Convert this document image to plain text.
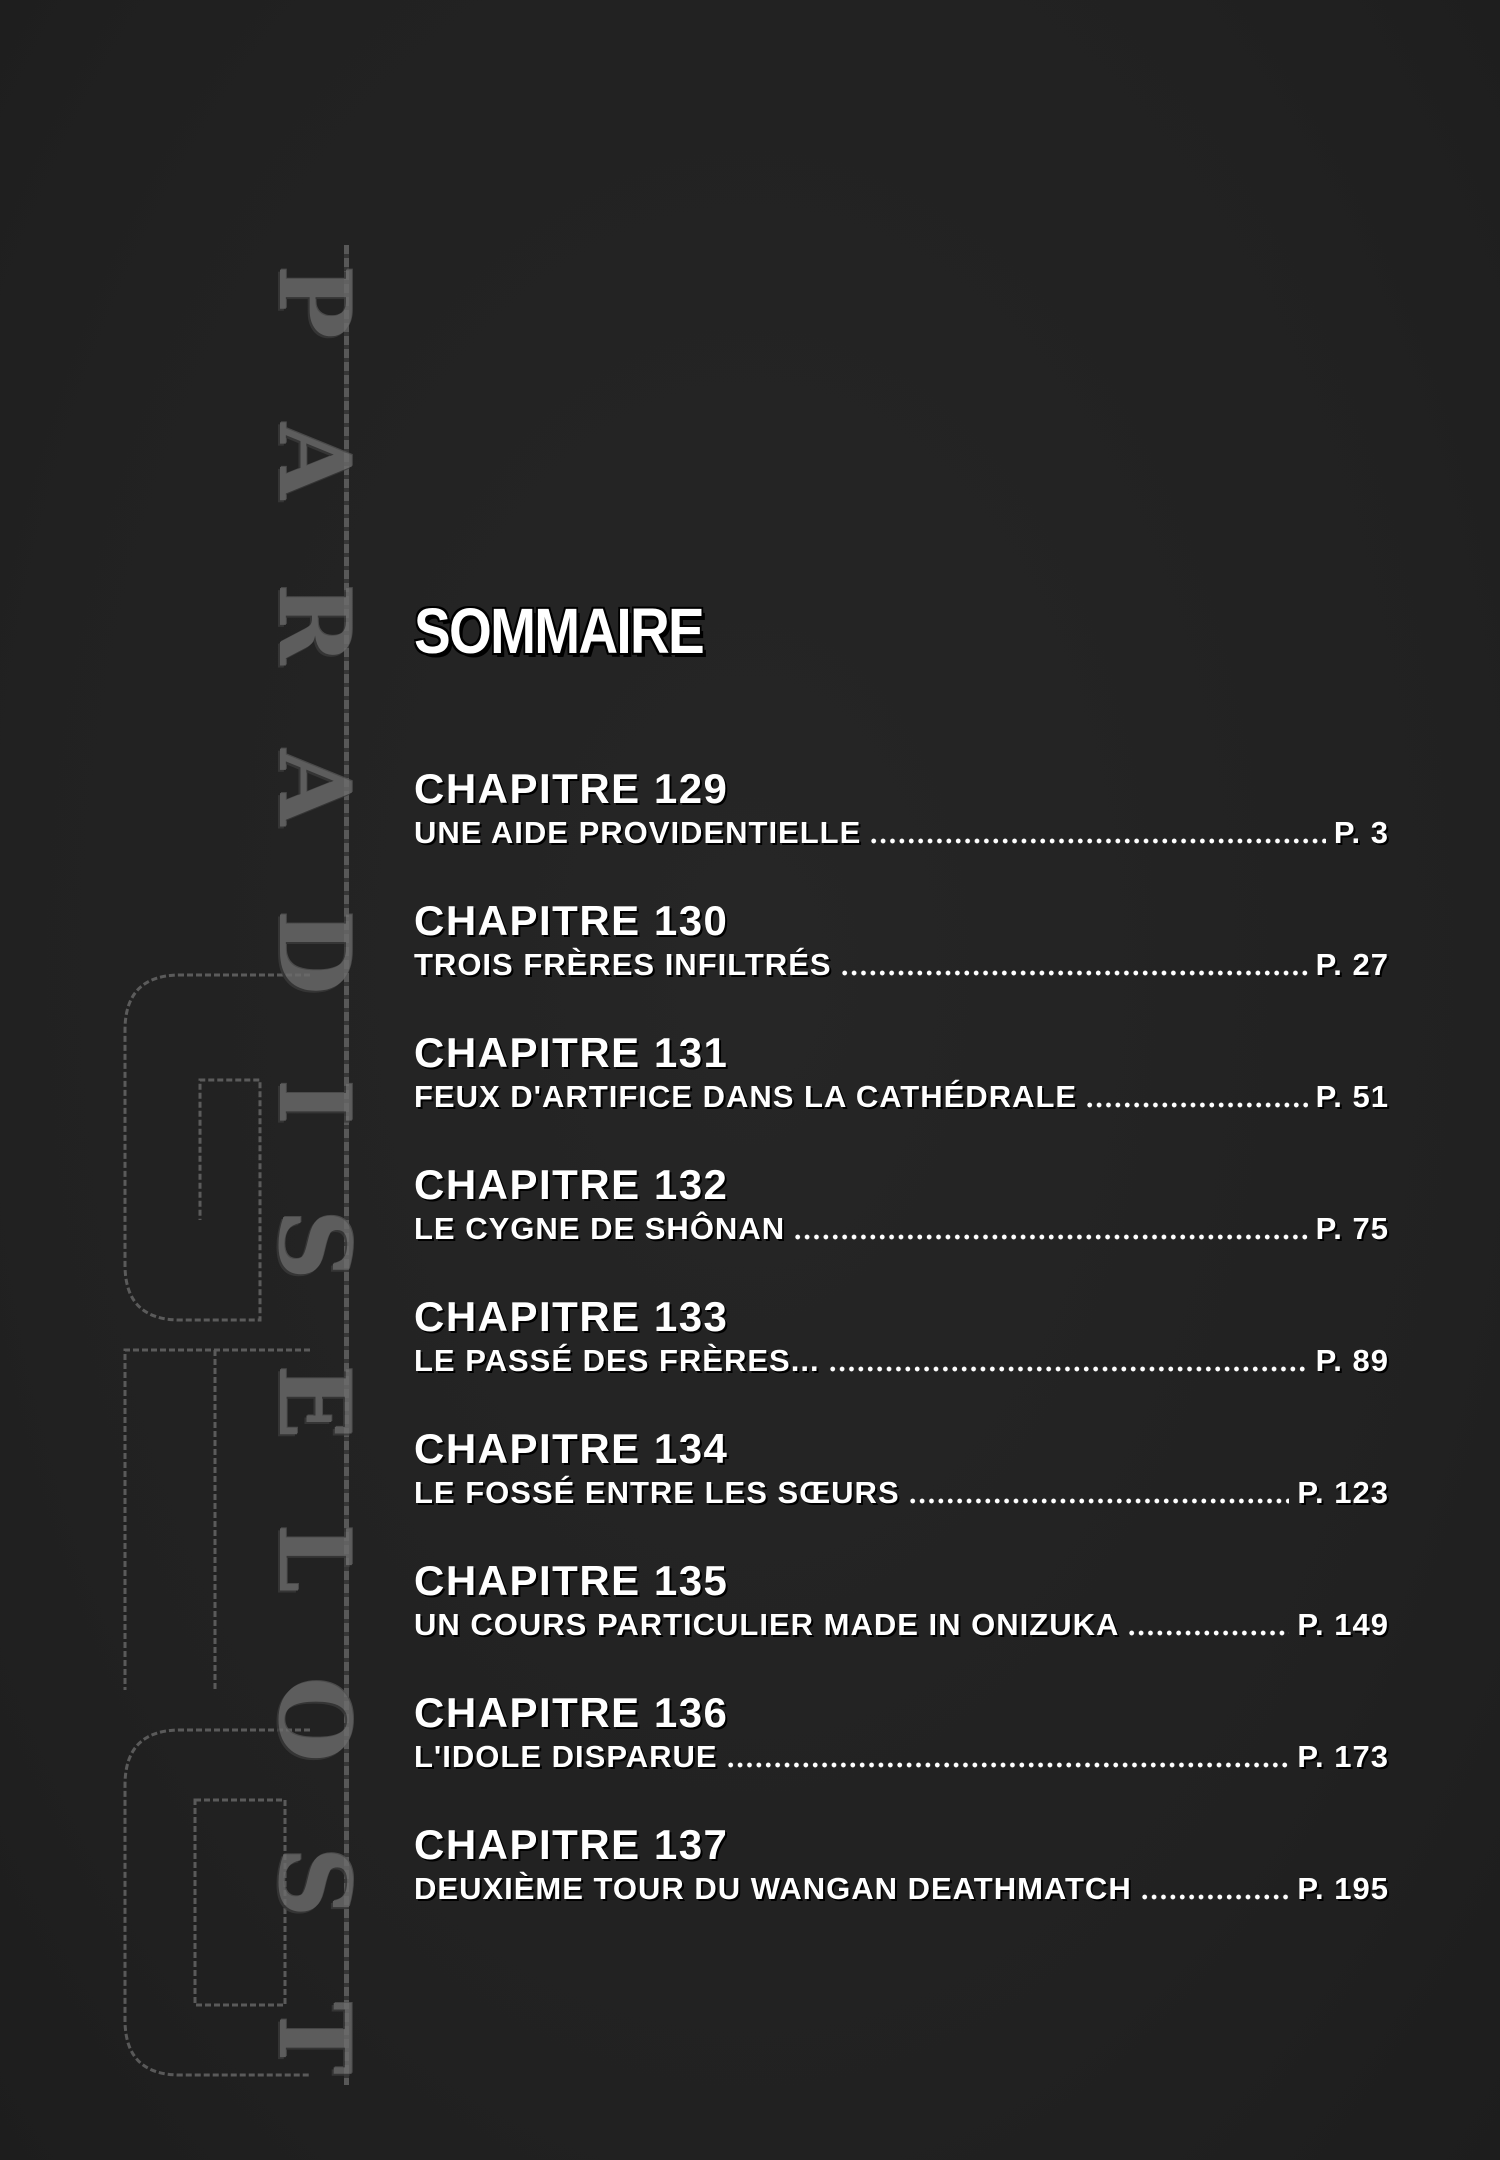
P
A
R
A
D
I
S
E
L
O
S
T
SOMMAIRE
CHAPITRE 129
UNE AIDE PROVIDENTIELLE	P. 3
CHAPITRE 130
TROIS FRÈRES INFILTRÉS	P. 27
CHAPITRE 131
FEUX D'ARTIFICE DANS LA CATHÉDRALE	P. 51
CHAPITRE 132
LE CYGNE DE SHÔNAN	P. 75
CHAPITRE 133
LE PASSÉ DES FRÈRES...	P. 89
CHAPITRE 134
LE FOSSÉ ENTRE LES SŒURS	P. 123
CHAPITRE 135
UN COURS PARTICULIER MADE IN ONIZUKA	P. 149
CHAPITRE 136
L'IDOLE DISPARUE	P. 173
CHAPITRE 137
DEUXIÈME TOUR DU WANGAN DEATHMATCH	P. 195
